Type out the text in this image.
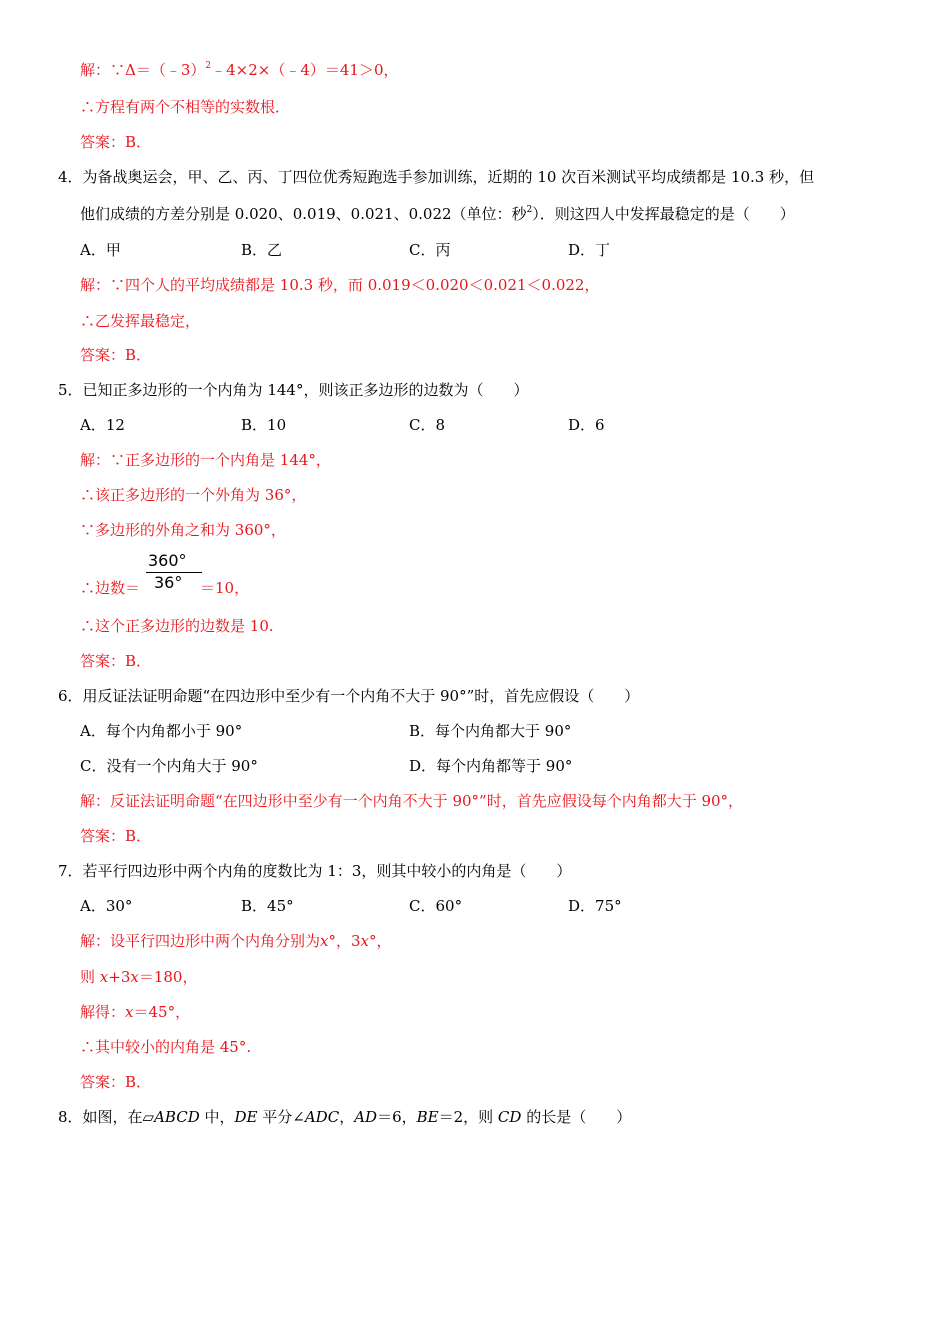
解：∵Δ＝（﹣3）$^2$﹣4×2×（﹣4）＝41＞0，
∴方程有两个不相等的实数根．
答案：B．
4．为备战奥运会，甲、乙、丙、丁四位优秀短跑选手参加训练，近期的 10 次百米测试平均成绩都是 10.3 秒，但
他们成绩的方差分别是 0.020、0.019、0.021、0.022（单位：秒$^2$）．则这四人中发挥最稳定的是（　　）
A．甲	B．乙	C．丙	D．丁
解：∵四个人的平均成绩都是 10.3 秒，而 0.019＜0.020＜0.021＜0.022，
∴乙发挥最稳定，
答案：B．
5．已知正多边形的一个内角为 144°，则该正多边形的边数为（　　）
A．12	B．10	C．8	D．6
解：∵正多边形的一个内角是 144°，
∴该正多边形的一个外角为 36°，
∵多边形的外角之和为 360°，
∴边数＝
360°
36° ＝10，
∴这个正多边形的边数是 10.
答案：B．
6．用反证法证明命题“在四边形中至少有一个内角不大于 90°”时，首先应假设（　　）
A．每个内角都小于 90°	B．每个内角都大于 90°
C．没有一个内角大于 90°	D．每个内角都等于 90°
解：反证法证明命题“在四边形中至少有一个内角不大于 90°”时，首先应假设每个内角都大于 90°，
答案：B．
7．若平行四边形中两个内角的度数比为 1：3，则其中较小的内角是（　　）
A．30°	B．45°	C．60°	D．75°
解：设平行四边形中两个内角分别为x°，3x°，
则 x+3x＝180，
解得：x＝45°，
∴其中较小的内角是 45°.
答案：B．
8．如图，在▱ABCD 中，DE 平分∠ADC，AD＝6，BE＝2，则 CD 的长是（　　）
